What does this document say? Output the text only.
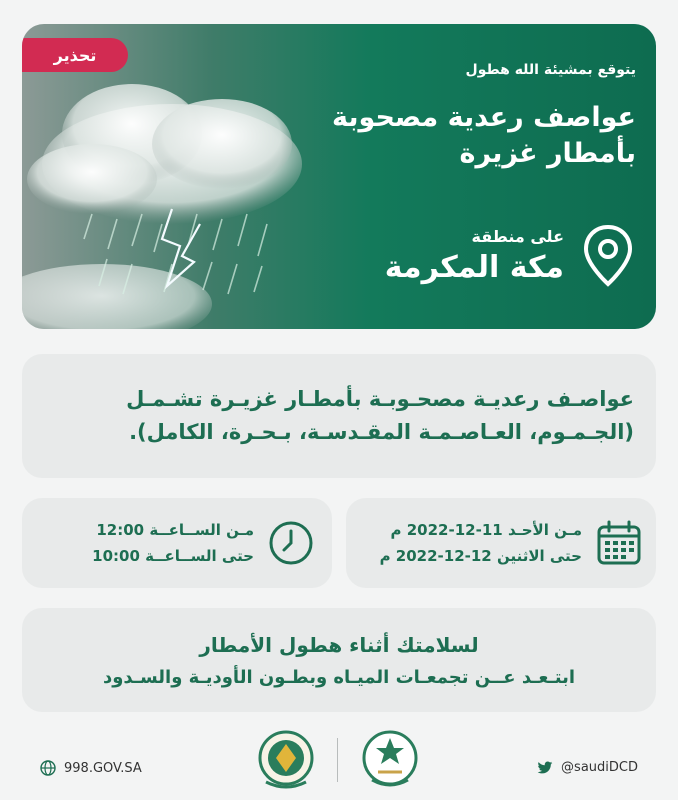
تحذير
يتوقع بمشيئة الله هطول
عواصف رعدية مصحوبة
بأمطار غزيرة
على منطقة
مكة المكرمة
عواصـف رعديـة مصحـوبـة بأمطـار غزيـرة تشـمـل
(الجـمـوم، العـاصـمـة المقـدسـة، بـحـرة، الكامل).
مـن الأحـد 11-12-2022 م
حتى الاثنين 12-12-2022 م
مـن الســاعــة 12:00
حتى الســاعــة 10:00
لسلامتك أثناء هطول الأمطار
ابتـعـد عــن تجمعـات الميـاه وبطـون الأوديـة والسـدود
998.GOV.SA	@saudiDCD
